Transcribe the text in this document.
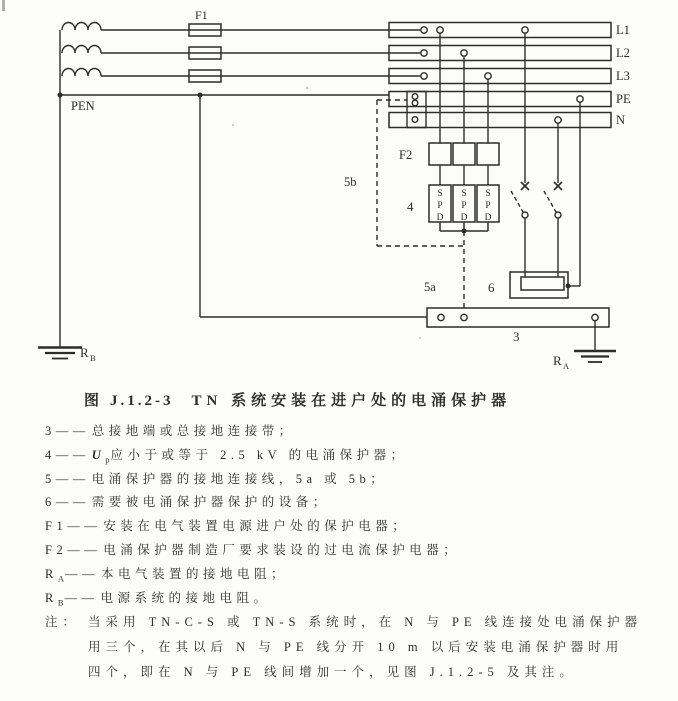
S
P
D
S
P
D
S
P
D
F1
PEN
L1
L2
L3
PE
N
F2
4
5b
5a	6
3
R A
R B
图 J.1.2-3 TN 系统安装在进户处的电涌保护器
3—— 总接地端或总接地连接带；
4—— $U_p$应小于或等于 2.5 kV 的电涌保护器；
5—— 电涌保护器的接地连接线，5a 或 5b；
6—— 需要被电涌保护器保护的设备；
F1—— 安装在电气装置电源进户处的保护电器；
F2—— 电涌保护器制造厂要求装设的过电流保护电器；
$R_A——$ 本电气装置的接地电阻；
$R_B——$ 电源系统的接地电阻。
注： 当采用 TN-C-S 或 TN-S 系统时，在 N 与 PE 线连接处电涌保护器
用三个，在其以后 N 与 PE 线分开 10 m 以后安装电涌保护器时用
四个，即在 N 与 PE 线间增加一个，见图 J.1.2-5 及其注。
